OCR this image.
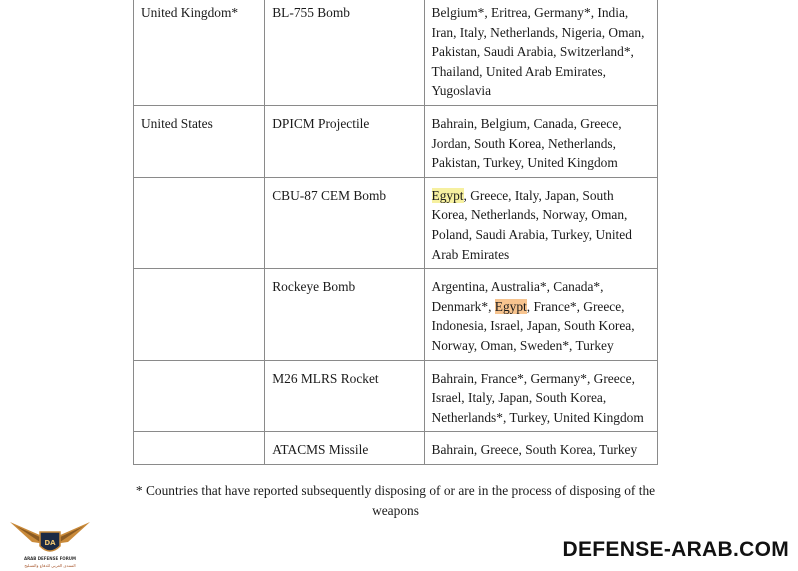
United Kingdom*	BL-755 Bomb	Belgium*, Eritrea, Germany*, India, Iran, Italy, Netherlands, Nigeria, Oman, Pakistan, Saudi Arabia, Switzerland*, Thailand, United Arab Emirates, Yugoslavia
United States	DPICM Projectile	Bahrain, Belgium, Canada, Greece, Jordan, South Korea, Netherlands, Pakistan, Turkey, United Kingdom
	CBU-87 CEM Bomb	Egypt, Greece, Italy, Japan, South Korea, Netherlands, Norway, Oman, Poland, Saudi Arabia, Turkey, United Arab Emirates
	Rockeye Bomb	Argentina, Australia*, Canada*, Denmark*, Egypt, France*, Greece, Indonesia, Israel, Japan, South Korea, Norway, Oman, Sweden*, Turkey
	M26 MLRS Rocket	Bahrain, France*, Germany*, Greece, Israel, Italy, Japan, South Korea, Netherlands*, Turkey, United Kingdom
	ATACMS Missile	Bahrain, Greece, South Korea, Turkey
* Countries that have reported subsequently disposing of or are in the process of disposing of the weapons
DA
ARAB DEFENSE FORUM
المنتدى العربي للدفاع والتسليح
DEFENSE-ARAB.COM
